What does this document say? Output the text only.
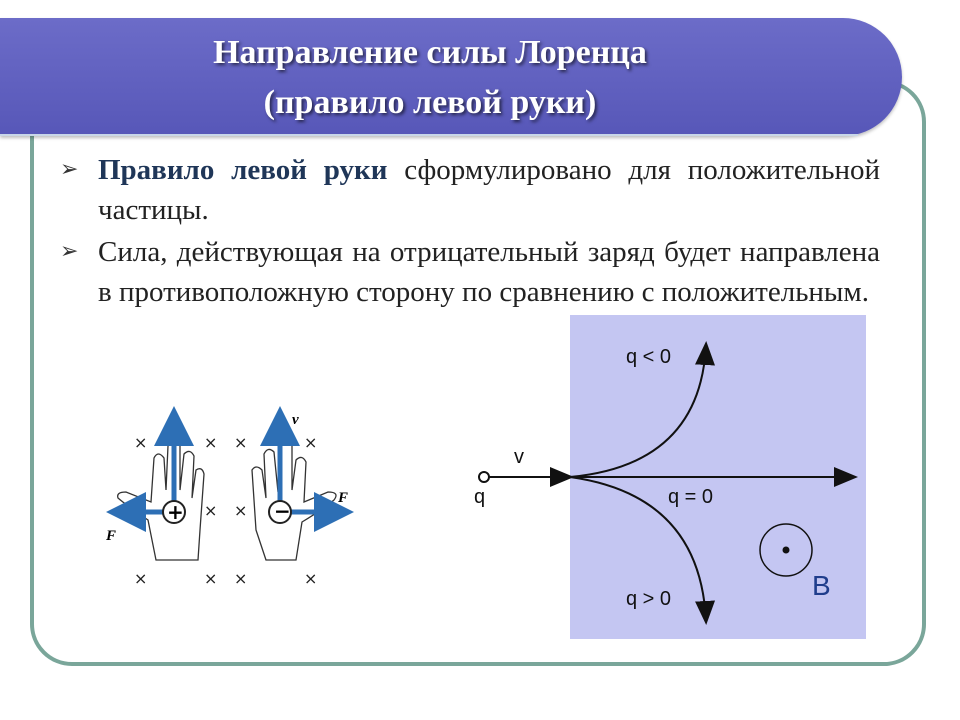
Направление силы Лоренца
(правило левой руки)
➢ Правило левой руки сформулировано для положительной частицы.
➢ Сила, действующая на отрицательный заряд будет направлена в противоположную сторону по сравнению с положительным.
×	× ×	×
× ×
×	× ×	×
+
F
−
F
v
q
v
q < 0
q = 0
q > 0	B
